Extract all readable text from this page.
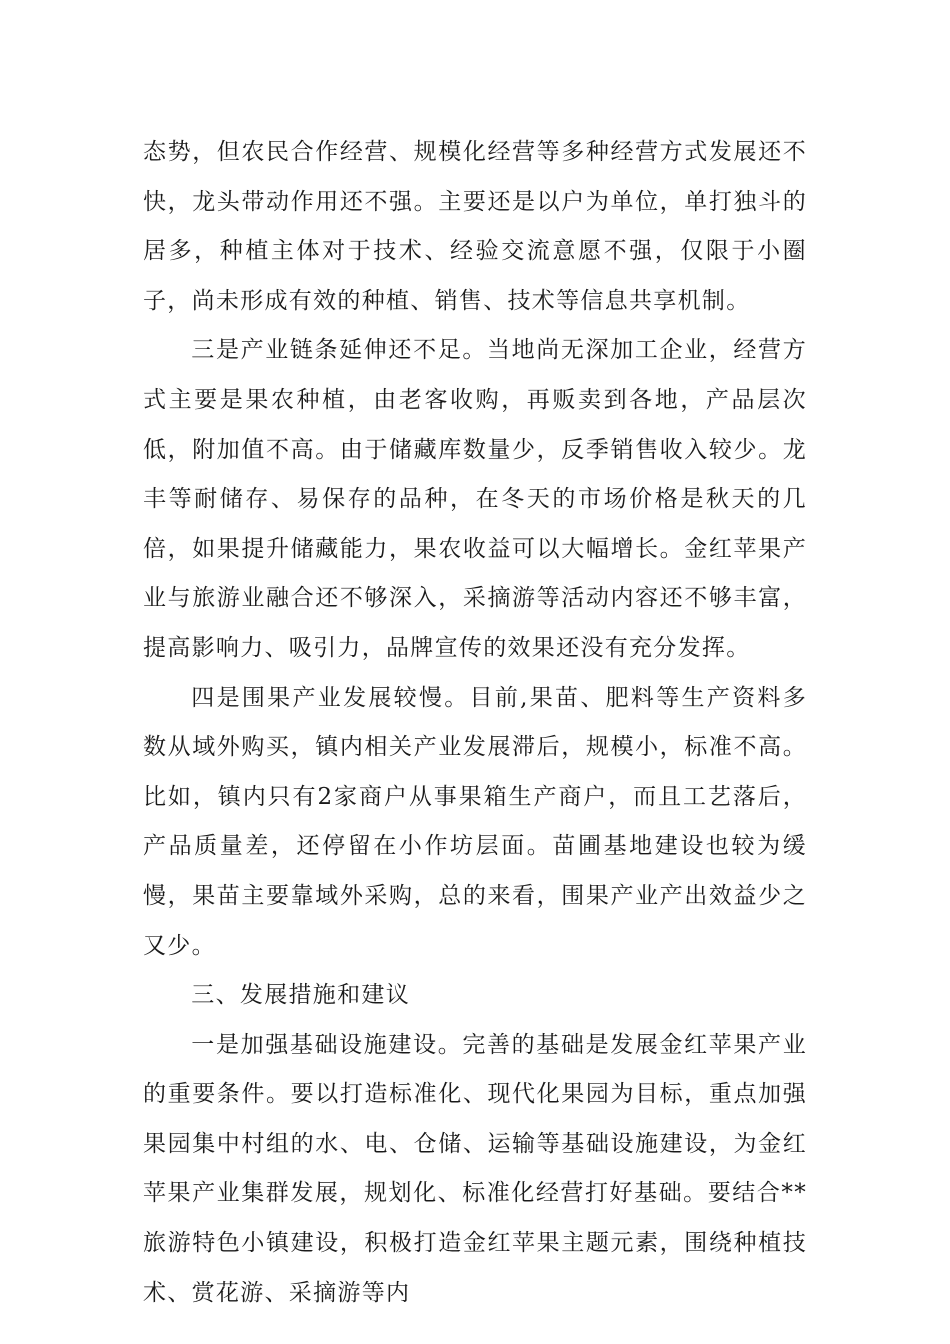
态势，但农民合作经营、规模化经营等多种经营方式发展还不快，龙头带动作用还不强。主要还是以户为单位，单打独斗的居多，种植主体对于技术、经验交流意愿不强，仅限于小圈子，尚未形成有效的种植、销售、技术等信息共享机制。

三是产业链条延伸还不足。当地尚无深加工企业，经营方式主要是果农种植，由老客收购，再贩卖到各地，产品层次低，附加值不高。由于储藏库数量少，反季销售收入较少。龙丰等耐储存、易保存的品种，在冬天的市场价格是秋天的几倍，如果提升储藏能力，果农收益可以大幅增长。金红苹果产业与旅游业融合还不够深入，采摘游等活动内容还不够丰富，提高影响力、吸引力，品牌宣传的效果还没有充分发挥。

四是围果产业发展较慢。目前,果苗、肥料等生产资料多数从域外购买，镇内相关产业发展滞后，规模小，标准不高。比如，镇内只有2家商户从事果箱生产商户，而且工艺落后，产品质量差，还停留在小作坊层面。苗圃基地建设也较为缓慢，果苗主要靠域外采购，总的来看，围果产业产出效益少之又少。

三、发展措施和建议

一是加强基础设施建设。完善的基础是发展金红苹果产业的重要条件。要以打造标准化、现代化果园为目标，重点加强果园集中村组的水、电、仓储、运输等基础设施建设，为金红苹果产业集群发展，规划化、标准化经营打好基础。要结合**旅游特色小镇建设，积极打造金红苹果主题元素，围绕种植技术、赏花游、采摘游等内
